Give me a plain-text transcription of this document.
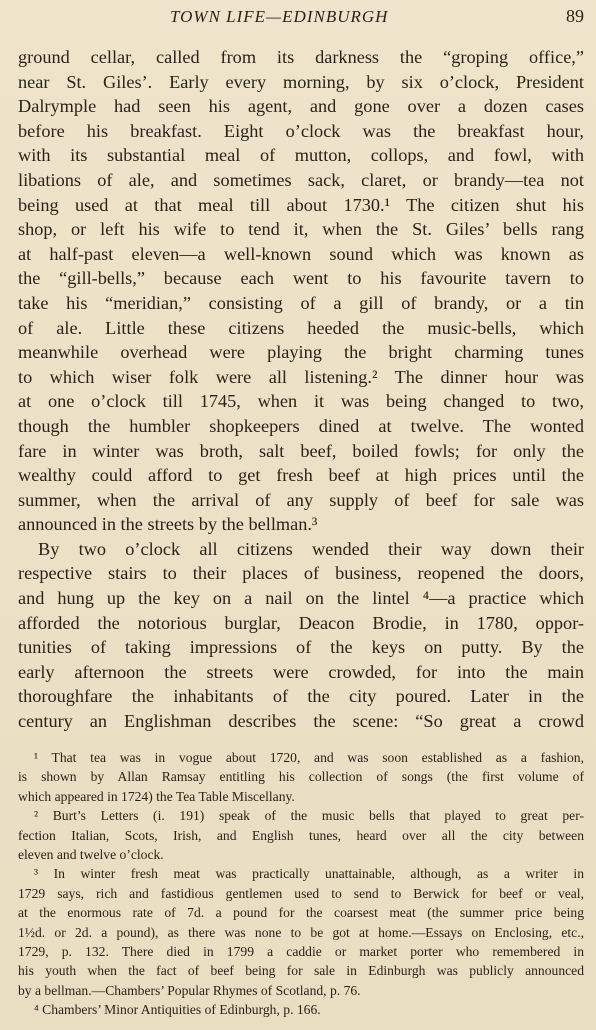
TOWN LIFE—EDINBURGH	89
ground cellar, called from its darkness the “groping office,”
near St. Giles’. Early every morning, by six o’clock, President
Dalrymple had seen his agent, and gone over a dozen cases
before his breakfast. Eight o’clock was the breakfast hour,
with its substantial meal of mutton, collops, and fowl, with
libations of ale, and sometimes sack, claret, or brandy—tea not
being used at that meal till about 1730.¹ The citizen shut his
shop, or left his wife to tend it, when the St. Giles’ bells rang
at half-past eleven—a well-known sound which was known as
the “gill-bells,” because each went to his favourite tavern to
take his “meridian,” consisting of a gill of brandy, or a tin
of ale. Little these citizens heeded the music-bells, which
meanwhile overhead were playing the bright charming tunes
to which wiser folk were all listening.² The dinner hour was
at one o’clock till 1745, when it was being changed to two,
though the humbler shopkeepers dined at twelve. The wonted
fare in winter was broth, salt beef, boiled fowls; for only the
wealthy could afford to get fresh beef at high prices until the
summer, when the arrival of any supply of beef for sale was
announced in the streets by the bellman.³
By two o’clock all citizens wended their way down their
respective stairs to their places of business, reopened the doors,
and hung up the key on a nail on the lintel ⁴—a practice which
afforded the notorious burglar, Deacon Brodie, in 1780, oppor-
tunities of taking impressions of the keys on putty. By the
early afternoon the streets were crowded, for into the main
thoroughfare the inhabitants of the city poured. Later in the
century an Englishman describes the scene: “So great a crowd
¹ That tea was in vogue about 1720, and was soon established as a fashion,
is shown by Allan Ramsay entitling his collection of songs (the first volume of
which appeared in 1724) the Tea Table Miscellany.
² Burt’s Letters (i. 191) speak of the music bells that played to great per-
fection Italian, Scots, Irish, and English tunes, heard over all the city between
eleven and twelve o’clock.
³ In winter fresh meat was practically unattainable, although, as a writer in
1729 says, rich and fastidious gentlemen used to send to Berwick for beef or veal,
at the enormous rate of 7d. a pound for the coarsest meat (the summer price being
1½d. or 2d. a pound), as there was none to be got at home.—Essays on Enclosing, etc.,
1729, p. 132. There died in 1799 a caddie or market porter who remembered in
his youth when the fact of beef being for sale in Edinburgh was publicly announced
by a bellman.—Chambers’ Popular Rhymes of Scotland, p. 76.
⁴ Chambers’ Minor Antiquities of Edinburgh, p. 166.
